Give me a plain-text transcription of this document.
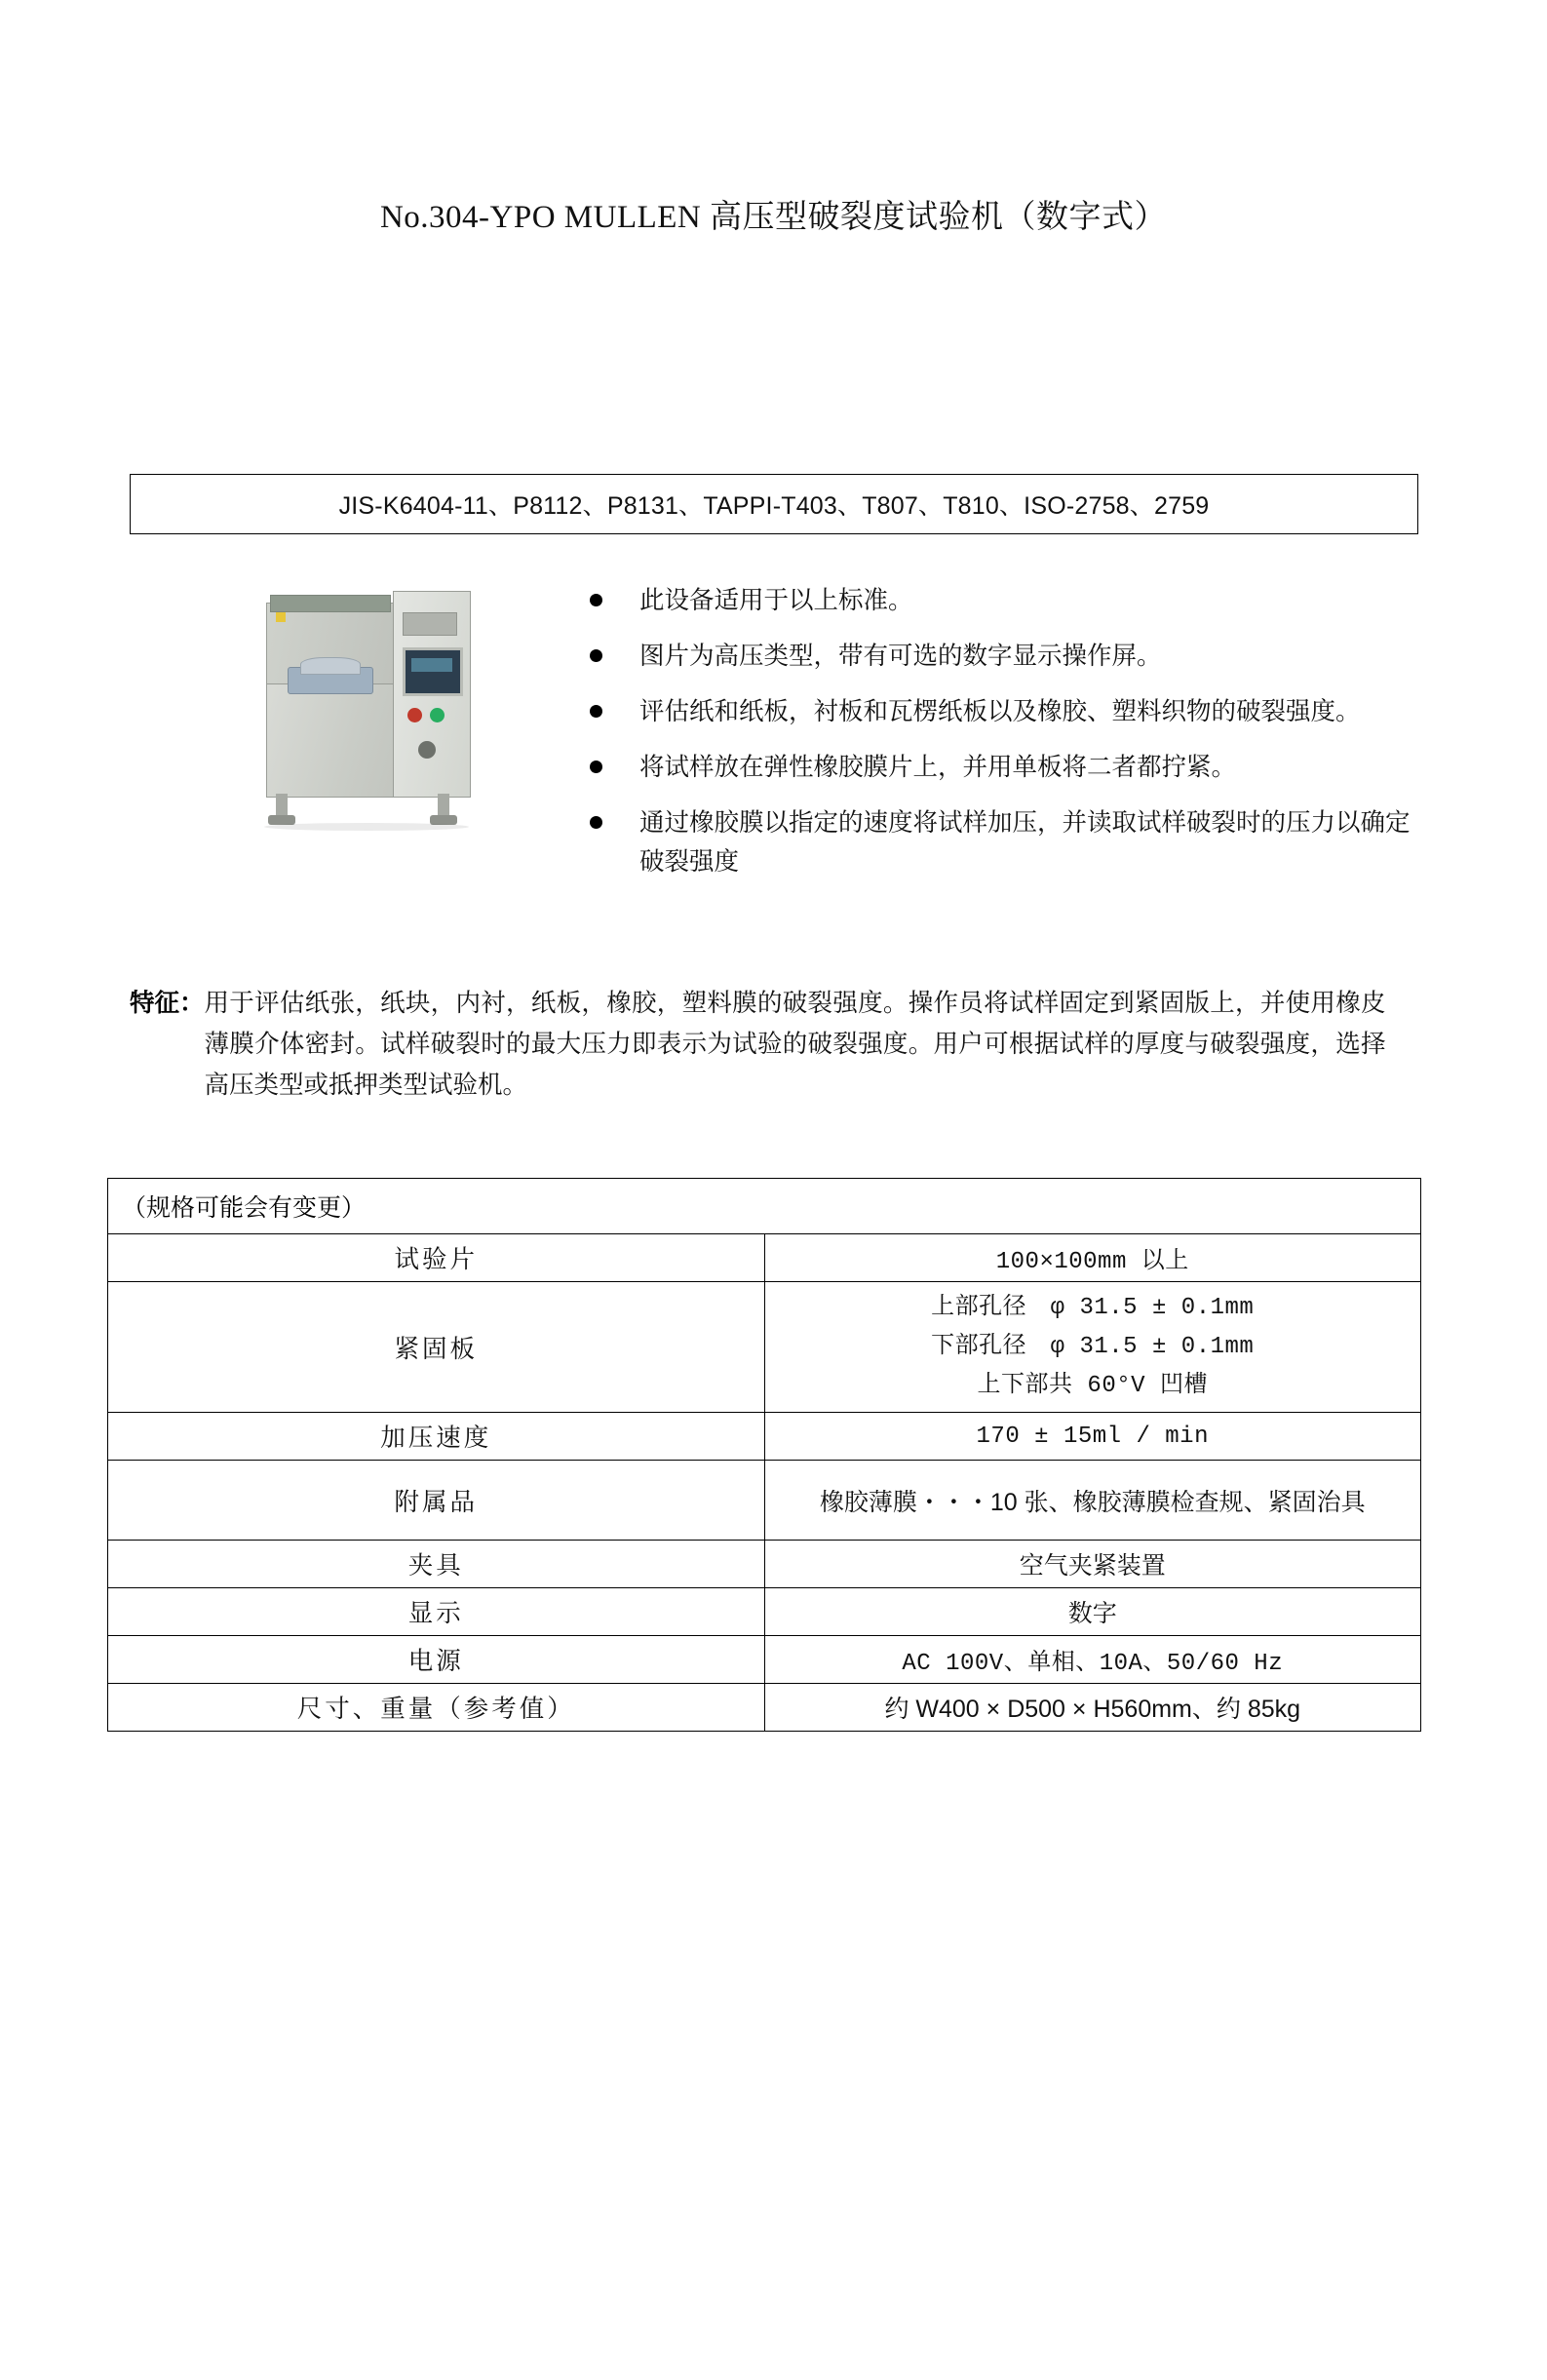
No.304-YPO MULLEN 高压型破裂度试验机（数字式）
JIS-K6404-11、P8112、P8131、TAPPI-T403、T807、T810、ISO-2758、2759
此设备适用于以上标准。
图片为高压类型，带有可选的数字显示操作屏。
评估纸和纸板，衬板和瓦楞纸板以及橡胶、塑料织物的破裂强度。
将试样放在弹性橡胶膜片上，并用单板将二者都拧紧。
通过橡胶膜以指定的速度将试样加压，并读取试样破裂时的压力以确定破裂强度
特征： 用于评估纸张，纸块，内衬，纸板，橡胶，塑料膜的破裂强度。操作员将试样固定到紧固版上，并使用橡皮薄膜介体密封。试样破裂时的最大压力即表示为试验的破裂强度。用户可根据试样的厚度与破裂强度，选择高压类型或抵押类型试验机。
（规格可能会有变更）	
试验片	100×100mm 以上
紧固板	上部孔径　φ 31.5 ± 0.1mm
下部孔径　φ 31.5 ± 0.1mm
上下部共 60°V 凹槽

加压速度	170 ± 15ml / min
附属品	橡胶薄膜・・・10 张、橡胶薄膜检查规、紧固治具
夹具	空气夹紧装置
显示	数字
电源	AC 100V、单相、10A、50/60 Hz
尺寸、重量（参考值）	约 W400 × D500 × H560mm、约 85kg
